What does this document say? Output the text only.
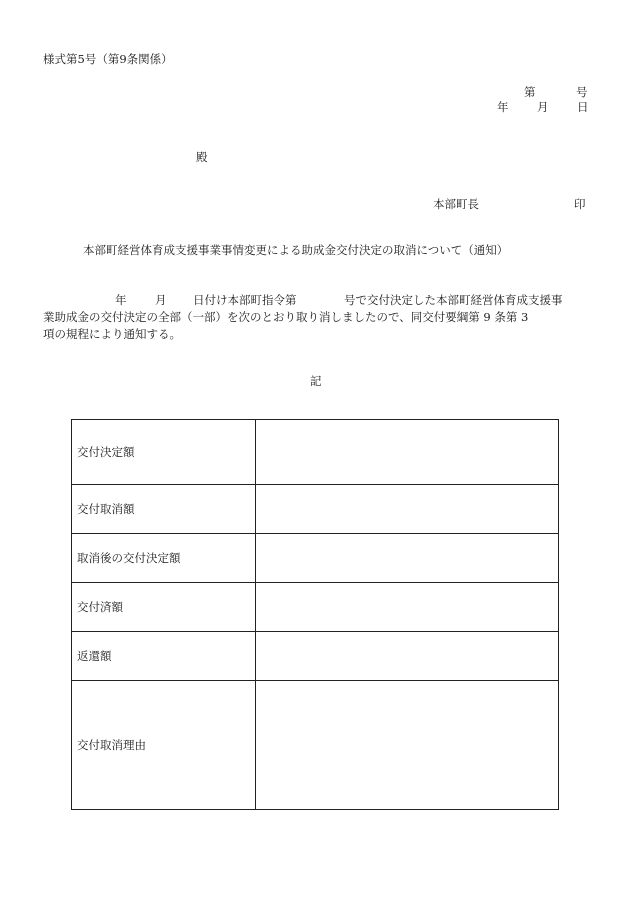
様式第5号（第9条関係）
第	号
年 月 日
殿
本部町長	印
本部町経営体育成支援事業事情変更による助成金交付決定の取消について（通知）
年 月 日付け本部町指令第	号で交付決定した本部町経営体育成支援事
業助成金の交付決定の全部（一部）を次のとおり取り消しましたので、同交付要綱第 9 条第 3
項の規程により通知する。
記
交付決定額	
交付取消額	
取消後の交付決定額	
交付済額	
返還額	
交付取消理由	
